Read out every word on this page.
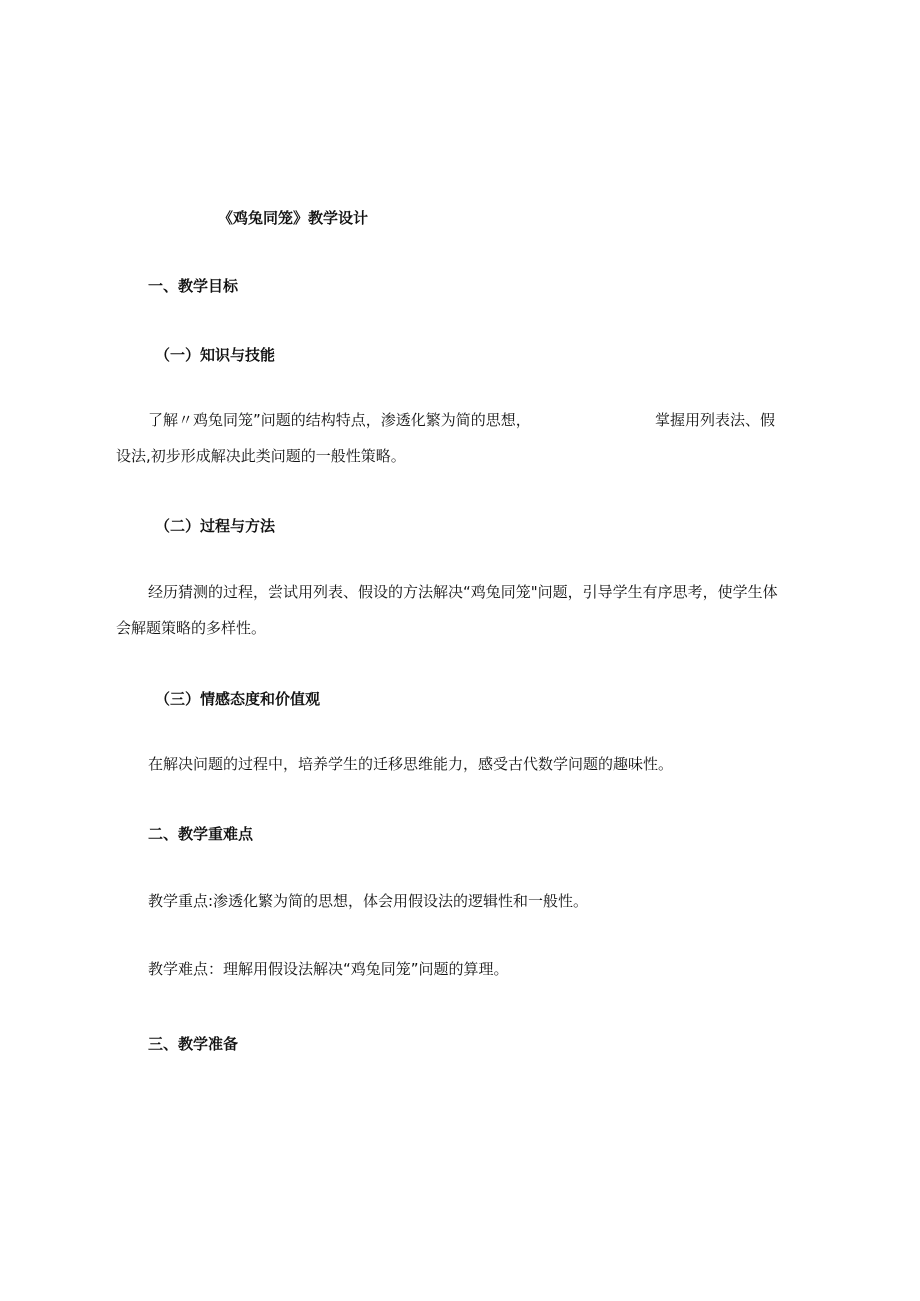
《鸡兔同笼》教学设计
一、教学目标
（一）知识与技能
了解〃鸡兔同笼”问题的结构特点，渗透化繁为简的思想，	掌握用列表法、假
设法,初步形成解决此类问题的一般性策略。
（二）过程与方法
经历猜测的过程，尝试用列表、假设的方法解决“鸡兔同笼"问题，引导学生有序思考，使学生体
会解题策略的多样性。
（三）情感态度和价值观
在解决问题的过程中，培养学生的迁移思维能力，感受古代数学问题的趣味性。
二、教学重难点
教学重点:渗透化繁为简的思想，体会用假设法的逻辑性和一般性。
教学难点：理解用假设法解决“鸡兔同笼”问题的算理。
三、教学准备
